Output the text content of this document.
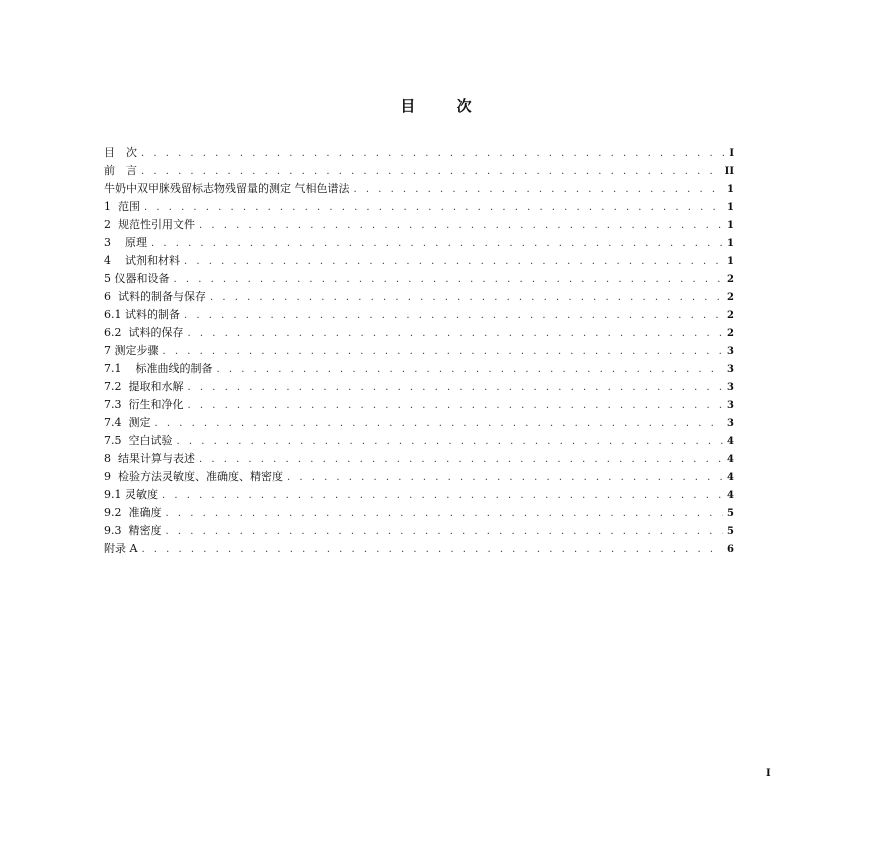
目 次
目　次 . . .	I
前　言 . . .	II
牛奶中双甲脒残留标志物残留量的测定 气相色谱法 . . .	1
1  范围 . . .	1
2  规范性引用文件 . . .	1
3    原理 . . .	1
4    试剂和材料 . . .	1
5 仪器和设备 . . .	2
6  试料的制备与保存 . . .	2
6.1 试料的制备 . . .	2
6.2  试料的保存 . . .	2
7 测定步骤 . . .	3
7.1    标准曲线的制备 . . .	3
7.2  提取和水解 . . .	3
7.3  衍生和净化 . . .	3
7.4  测定 . . .	3
7.5  空白试验 . . .	4
8  结果计算与表述 . . .	4
9  检验方法灵敏度、准确度、精密度 . . .	4
9.1 灵敏度 . . .	4
9.2  准确度 . . .	5
9.3  精密度 . . .	5
附录 A . . .	6
I
